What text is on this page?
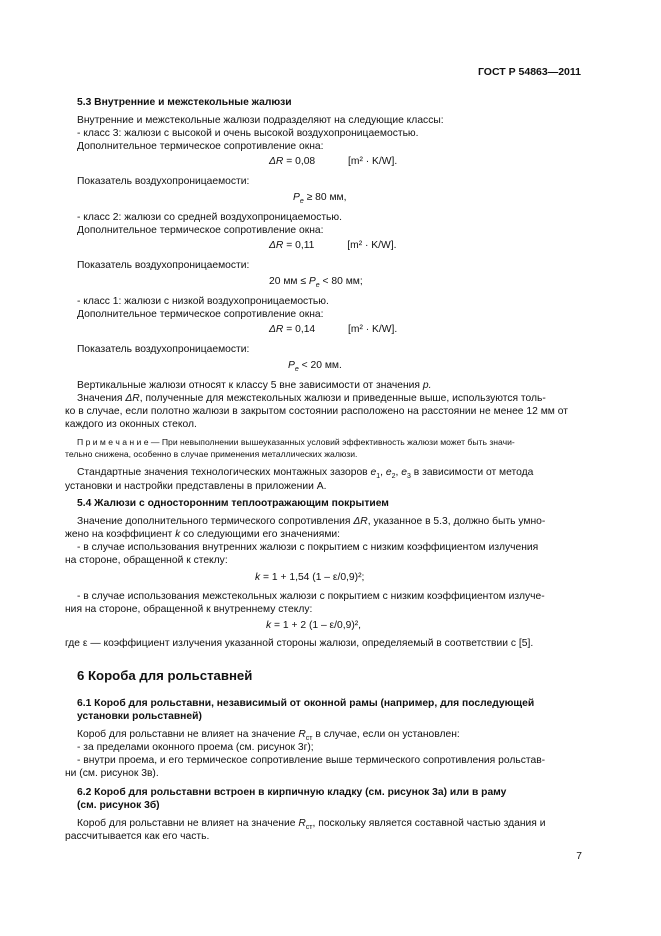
ГОСТ Р 54863—2011
5.3 Внутренние и межстекольные жалюзи
Внутренние и межстекольные жалюзи подразделяют на следующие классы:
- класс 3: жалюзи с высокой и очень высокой воздухопроницаемостью.
Дополнительное термическое сопротивление окна:
ΔR = 0,08	[m² · K/W].
Показатель воздухопроницаемости:
$P_e \ge 80$ мм,
- класс 2: жалюзи со средней воздухопроницаемостью.
Дополнительное термическое сопротивление окна:
ΔR = 0,11	[m² · K/W].
Показатель воздухопроницаемости:
20 мм ≤ $P_e < 80$ мм;
- класс 1: жалюзи с низкой воздухопроницаемостью.
Дополнительное термическое сопротивление окна:
ΔR = 0,14	[m² · K/W].
Показатель воздухопроницаемости:
$P_e < 20$ мм.
Вертикальные жалюзи относят к классу 5 вне зависимости от значения p.
Значения ΔR, полученные для межстекольных жалюзи и приведенные выше, используются толь-
ко в случае, если полотно жалюзи в закрытом состоянии расположено на расстоянии не менее 12 мм от
каждого из оконных стекол.
П р и м е ч а н и е — При невыполнении вышеуказанных условий эффективность жалюзи может быть значи-
тельно снижена, особенно в случае применения металлических жалюзи.
Стандартные значения технологических монтажных зазоров $e_1$, $e_2$, $e_3$ в зависимости от метода
установки и настройки представлены в приложении А.
5.4 Жалюзи с односторонним теплоотражающим покрытием
Значение дополнительного термического сопротивления ΔR, указанное в 5.3, должно быть умно-
жено на коэффициент k со следующими его значениями:
- в случае использования внутренних жалюзи с покрытием с низким коэффициентом излучения
на стороне, обращенной к стеклу:
k = 1 + 1,54 (1 – ε/0,9)²;
- в случае использования межстекольных жалюзи с покрытием с низким коэффициентом излуче-
ния на стороне, обращенной к внутреннему стеклу:
k = 1 + 2 (1 – ε/0,9)²,
где ε — коэффициент излучения указанной стороны жалюзи, определяемый в соответствии с [5].
6 Короба для рольставней
6.1 Короб для рольставни, независимый от оконной рамы (например, для последующей
установки рольставней)
Короб для рольставни не влияет на значение $R_{ст}$ в случае, если он установлен:
- за пределами оконного проема (см. рисунок 3г);
- внутри проема, и его термическое сопротивление выше термического сопротивления рольстав-
ни (см. рисунок 3в).
6.2 Короб для рольставни встроен в кирпичную кладку (см. рисунок 3а) или в раму
(см. рисунок 3б)
Короб для рольставни не влияет на значение $R_{ст}$, поскольку является составной частью здания и
рассчитывается как его часть.
7
